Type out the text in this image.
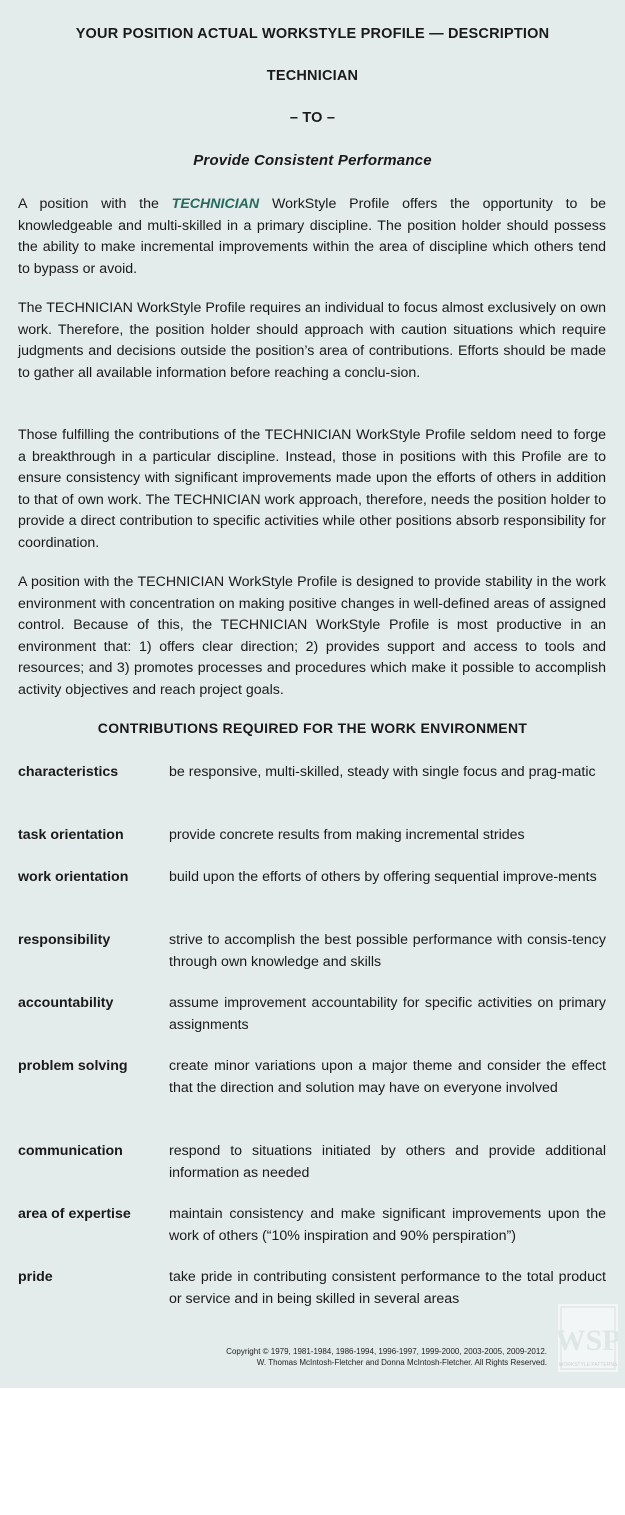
YOUR POSITION ACTUAL WORKSTYLE PROFILE — DESCRIPTION
TECHNICIAN
– TO –
Provide Consistent Performance

A position with the TECHNICIAN WorkStyle Profile offers the opportunity to be knowledgeable and multi-skilled in a primary discipline. The position holder should possess the ability to make incremental improvements within the area of discipline which others tend to bypass or avoid.

The TECHNICIAN WorkStyle Profile requires an individual to focus almost exclusively on own work. Therefore, the position holder should approach with caution situations which require judgments and decisions outside the position’s area of contributions. Efforts should be made to gather all available information before reaching a conclu-sion.

Those fulfilling the contributions of the TECHNICIAN WorkStyle Profile seldom need to forge a breakthrough in a particular discipline. Instead, those in positions with this Profile are to ensure consistency with significant improvements made upon the efforts of others in addition to that of own work. The TECHNICIAN work approach, therefore, needs the position holder to provide a direct contribution to specific activities while other positions absorb responsibility for coordination.

A position with the TECHNICIAN WorkStyle Profile is designed to provide stability in the work environment with concentration on making positive changes in well-defined areas of assigned control. Because of this, the TECHNICIAN WorkStyle Profile is most productive in an environment that: 1) offers clear direction; 2) provides support and access to tools and resources; and 3) promotes processes and procedures which make it possible to accomplish activity objectives and reach project goals.

CONTRIBUTIONS REQUIRED FOR THE WORK ENVIRONMENT
characteristics	be responsive, multi-skilled, steady with single focus and prag-matic
task orientation	provide concrete results from making incremental strides
work orientation	build upon the efforts of others by offering sequential improve-ments
responsibility	strive to accomplish the best possible performance with consis-tency through own knowledge and skills
accountability	assume improvement accountability for specific activities on primary assignments
problem solving	create minor variations upon a major theme and consider the effect that the direction and solution may have on everyone involved
communication	respond to situations initiated by others and provide additional information as needed
area of expertise	maintain consistency and make significant improvements upon the work of others (“10% inspiration and 90% perspiration”)
pride	take pride in contributing consistent performance to the total product or service and in being skilled in several areas
Copyright © 1979, 1981-1984, 1986-1994, 1996-1997, 1999-2000, 2003-2005, 2009-2012.
W. Thomas McIntosh-Fletcher and Donna McIntosh-Fletcher. All Rights Reserved.
WSP
WORKSTYLE PATTERNS
